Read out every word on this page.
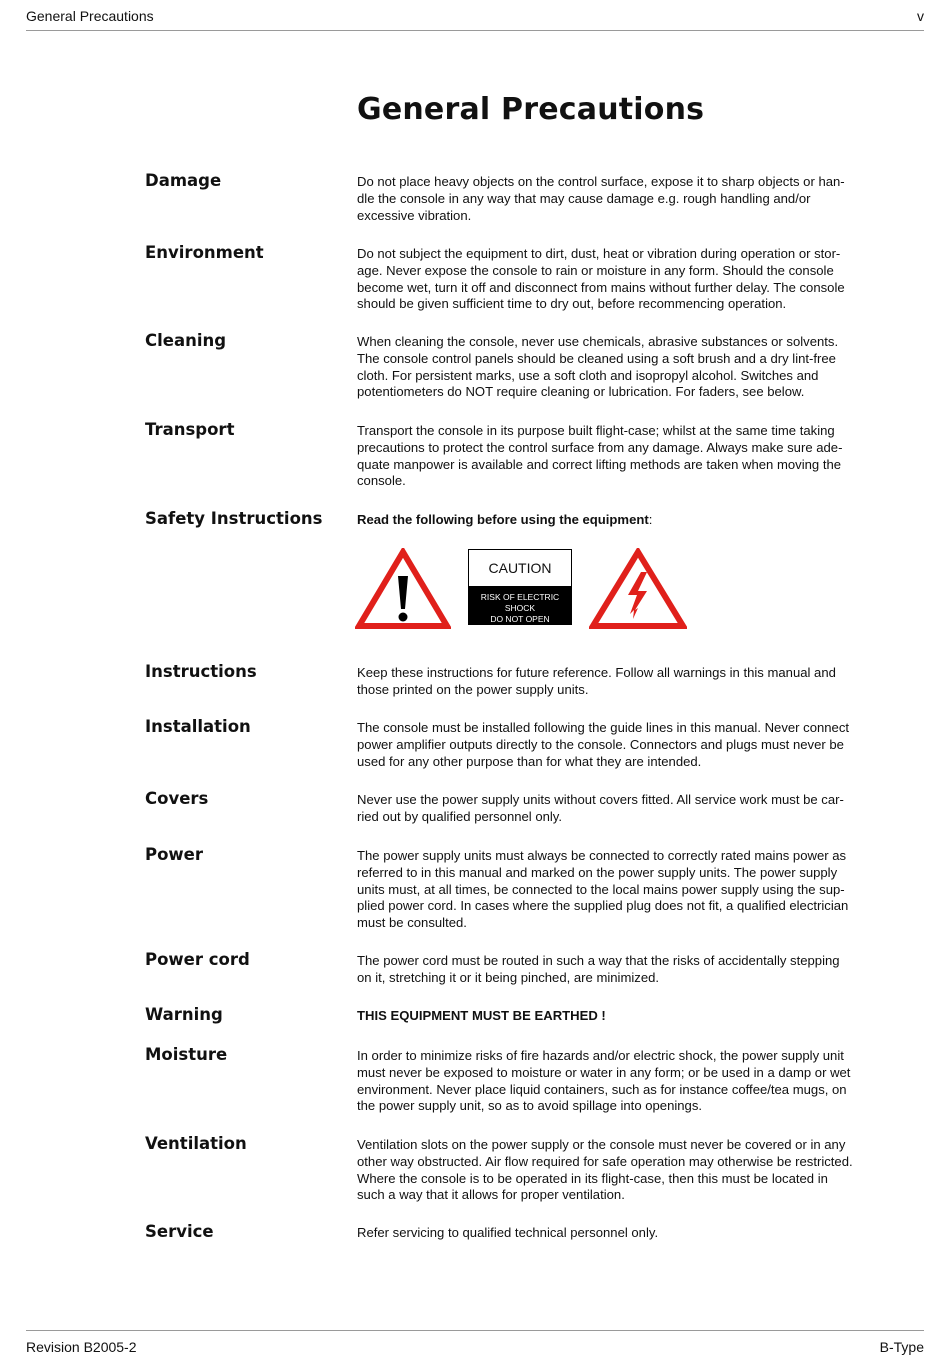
General Precautions	v
General Precautions
Damage	Do not place heavy objects on the control surface, expose it to sharp objects or han- dle the console in any way that may cause damage e.g. rough handling and/or excessive vibration.

Environment	Do not subject the equipment to dirt, dust, heat or vibration during operation or stor- age. Never expose the console to rain or moisture in any form. Should the console become wet, turn it off and disconnect from mains without further delay. The console should be given sufficient time to dry out, before recommencing operation.

Cleaning	When cleaning the console, never use chemicals, abrasive substances or solvents. The console control panels should be cleaned using a soft brush and a dry lint-free cloth. For persistent marks, use a soft cloth and isopropyl alcohol. Switches and potentiometers do NOT require cleaning or lubrication. For faders, see below.

Transport	Transport the console in its purpose built flight-case; whilst at the same time taking precautions to protect the control surface from any damage. Always make sure ade- quate manpower is available and correct lifting methods are taken when moving the console.

Safety Instructions	Read the following before using the equipment:

CAUTION
RISK OF ELECTRIC SHOCK
DO NOT OPEN
Instructions	Keep these instructions for future reference. Follow all warnings in this manual and those printed on the power supply units.

Installation	The console must be installed following the guide lines in this manual. Never connect power amplifier outputs directly to the console. Connectors and plugs must never be used for any other purpose than for what they are intended.

Covers	Never use the power supply units without covers fitted. All service work must be car- ried out by qualified personnel only.

Power	The power supply units must always be connected to correctly rated mains power as referred to in this manual and marked on the power supply units. The power supply units must, at all times, be connected to the local mains power supply using the sup- plied power cord. In cases where the supplied plug does not fit, a qualified electrician must be consulted.

Power cord	The power cord must be routed in such a way that the risks of accidentally stepping on it, stretching it or it being pinched, are minimized.

Warning	THIS EQUIPMENT MUST BE EARTHED !

Moisture	In order to minimize risks of fire hazards and/or electric shock, the power supply unit must never be exposed to moisture or water in any form; or be used in a damp or wet environment. Never place liquid containers, such as for instance coffee/tea mugs, on the power supply unit, so as to avoid spillage into openings.

Ventilation	Ventilation slots on the power supply or the console must never be covered or in any other way obstructed. Air flow required for safe operation may otherwise be restricted. Where the console is to be operated in its flight-case, then this must be located in such a way that it allows for proper ventilation.

Service	Refer servicing to qualified technical personnel only.

Revision B2005-2	B-Type
